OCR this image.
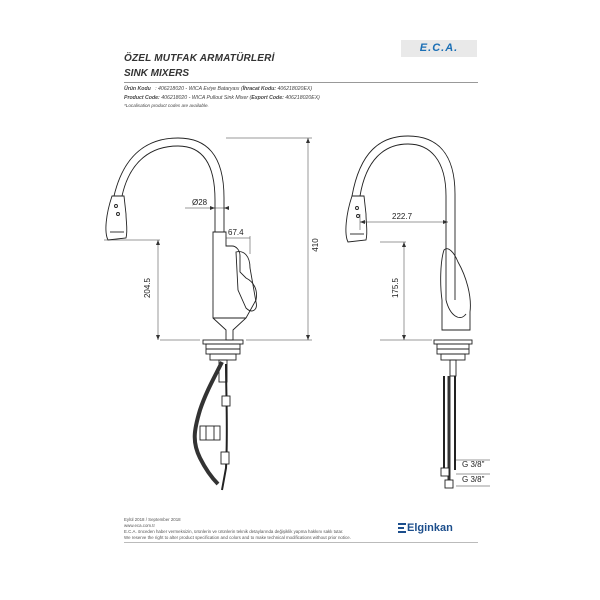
ÖZEL MUTFAK ARMATÜRLERİ
SINK MIXERS
E.C.A.
Ürün Kodu : 406218020 - WICA Eviye Bataryası (İhracat Kodu: 406218020EX)
Product Code: 406218020 - WICA Pullout Sink Mixer (Export Code: 406218020EX)
*Localisation product codes are available.
Ø28
67.4
410
204.5
222.7
175.5
G 3/8"
G 3/8"
Eylül 2018 / September 2018
www.eca.com.tr
E.C.A. önceden haber vermeksizin, ürünlerin ve ürünlerin teknik detaylarında değişiklik yapma hakkını saklı tutar.
We reserve the right to alter product specification and colors and to make technical modifications without prior notice.
Elginkan
